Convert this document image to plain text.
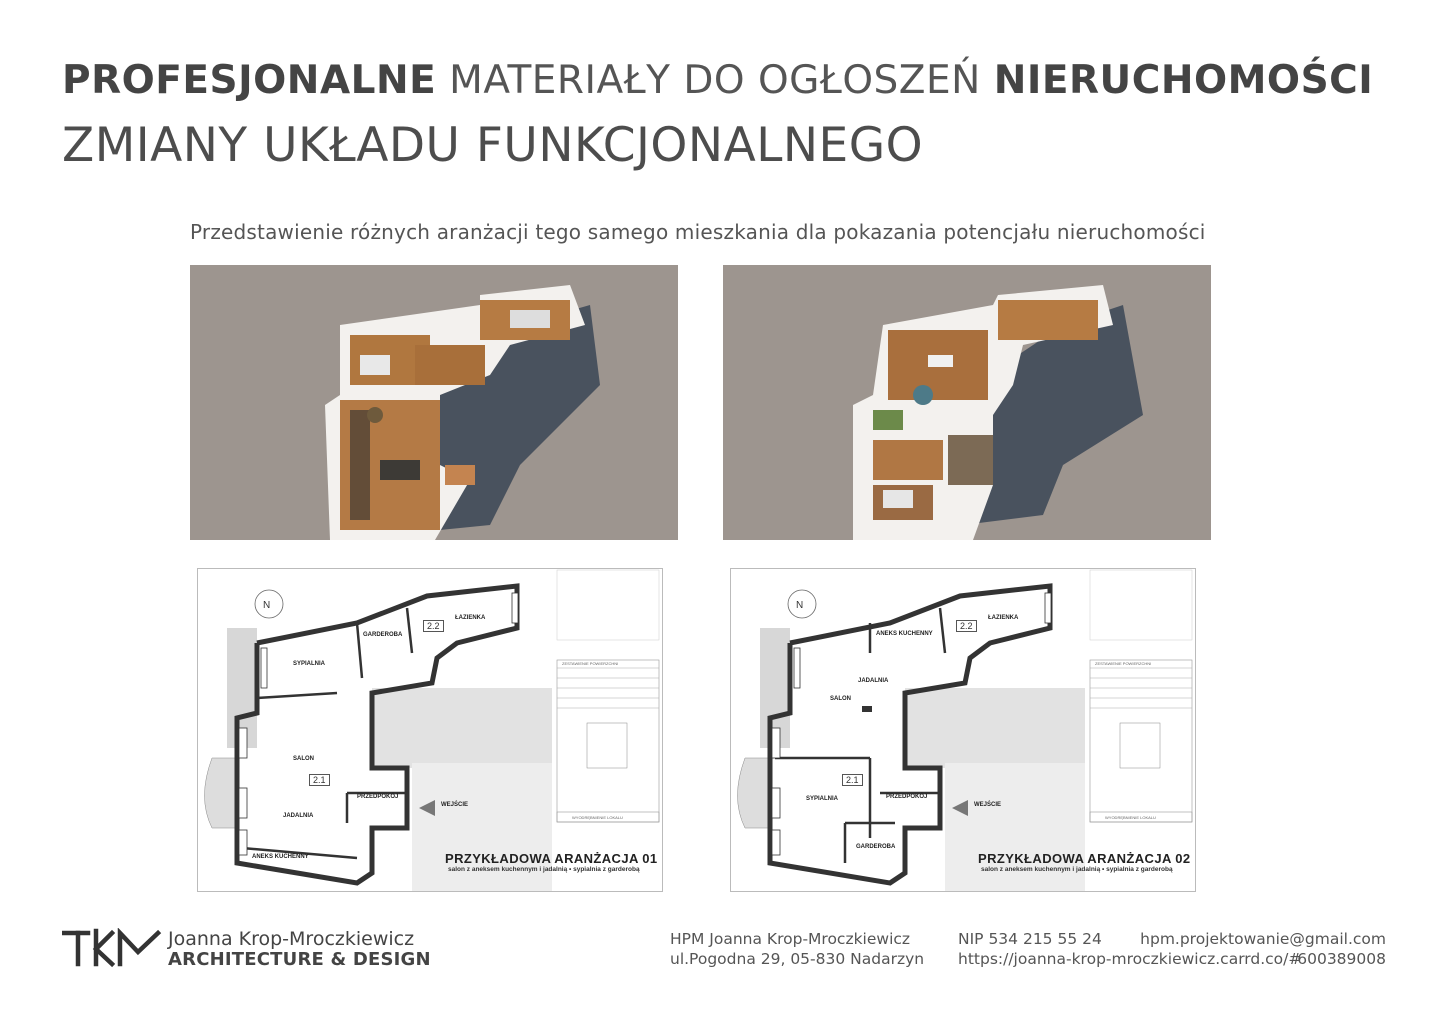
PROFESJONALNE MATERIAŁY DO OGŁOSZEŃ NIERUCHOMOŚCI
ZMIANY UKŁADU FUNKCJONALNEGO
Przedstawienie różnych aranżacji tego samego mieszkania dla pokazania potencjału nieruchomości
N
ŁAZIENKA
GARDEROBA
SYPIALNIA
SALON
JADALNIA
PRZEDPOKÓJ
WEJŚCIE
ANEKS KUCHENNY
2.1
2.2
ZESTAWIENIE POWIERZCHNI
WYODRĘBNIENIE LOKALU
PRZYKŁADOWA ARANŻACJA 01
salon z aneksem kuchennym i jadalnią • sypialnia z garderobą
N
ŁAZIENKA
ANEKS KUCHENNY
JADALNIA
SALON
SYPIALNIA	PRZEDPOKÓJ
WEJŚCIE
GARDEROBA
2.1
2.2
ZESTAWIENIE POWIERZCHNI
WYODRĘBNIENIE LOKALU
PRZYKŁADOWA ARANŻACJA 02
salon z aneksem kuchennym i jadalnią • sypialnia z garderobą
Joanna Krop-Mroczkiewicz
ARCHITECTURE & DESIGN
HPM Joanna Krop-Mroczkiewicz
ul.Pogodna 29, 05-830 Nadarzyn
NIP 534 215 55 24
https://joanna-krop-mroczkiewicz.carrd.co/#
hpm.projektowanie@gmail.com
600389008
